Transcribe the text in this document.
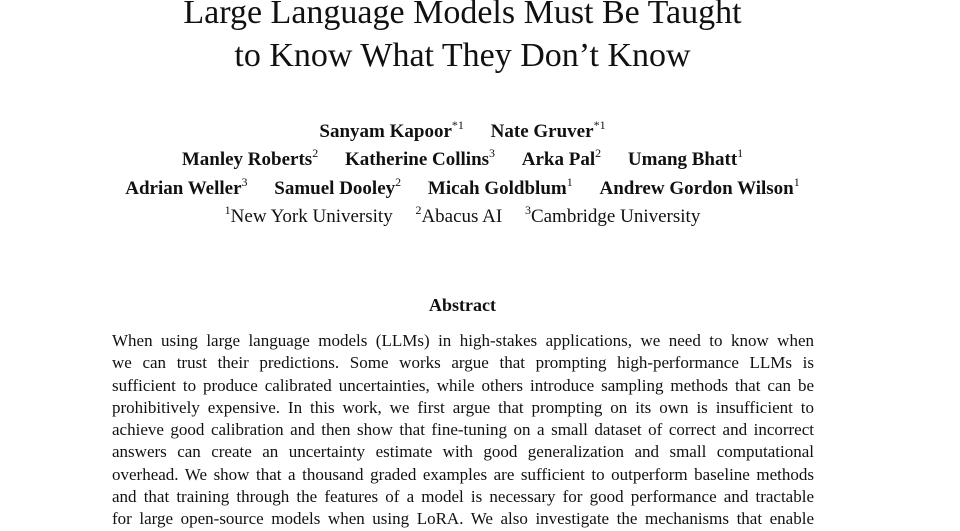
Large Language Models Must Be Taught
to Know What They Don’t Know
Sanyam Kapoor$^{*1}$ Nate Gruver$^{*1}$
Manley Roberts$^2$ Katherine Collins$^3$ Arka Pal$^2$ Umang Bhatt$^1$
Adrian Weller$^3$ Samuel Dooley$^2$ Micah Goldblum$^1$ Andrew Gordon Wilson$^1$
$^1$New York University $^2$Abacus AI $^3$Cambridge University
Abstract
When using large language models (LLMs) in high-stakes applications, we need to know when
we can trust their predictions. Some works argue that prompting high-performance LLMs is
sufficient to produce calibrated uncertainties, while others introduce sampling methods that can be
prohibitively expensive. In this work, we first argue that prompting on its own is insufficient to
achieve good calibration and then show that fine-tuning on a small dataset of correct and incorrect
answers can create an uncertainty estimate with good generalization and small computational
overhead. We show that a thousand graded examples are sufficient to outperform baseline methods
and that training through the features of a model is necessary for good performance and tractable
for large open-source models when using LoRA. We also investigate the mechanisms that enable
